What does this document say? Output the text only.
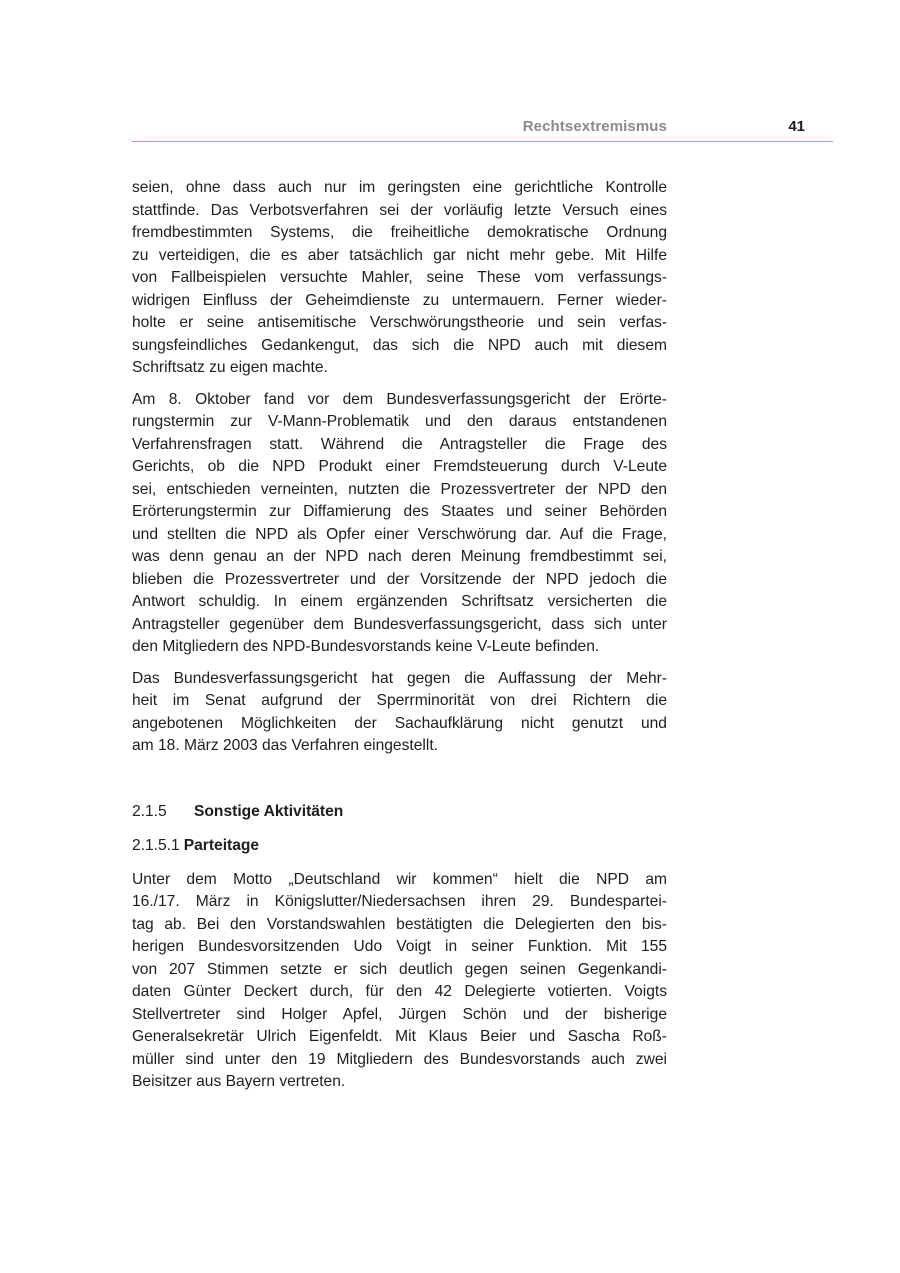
Rechtsextremismus	41

seien, ohne dass auch nur im geringsten eine gerichtliche Kontrolle
stattfinde. Das Verbotsverfahren sei der vorläufig letzte Versuch eines
fremdbestimmten Systems, die freiheitliche demokratische Ordnung
zu verteidigen, die es aber tatsächlich gar nicht mehr gebe. Mit Hilfe
von Fallbeispielen versuchte Mahler, seine These vom verfassungs-
widrigen Einfluss der Geheimdienste zu untermauern. Ferner wieder-
holte er seine antisemitische Verschwörungstheorie und sein verfas-
sungsfeindliches Gedankengut, das sich die NPD auch mit diesem
Schriftsatz zu eigen machte.

Am 8. Oktober fand vor dem Bundesverfassungsgericht der Erörte-
rungstermin zur V-Mann-Problematik und den daraus entstandenen
Verfahrensfragen statt. Während die Antragsteller die Frage des
Gerichts, ob die NPD Produkt einer Fremdsteuerung durch V-Leute
sei, entschieden verneinten, nutzten die Prozessvertreter der NPD den
Erörterungstermin zur Diffamierung des Staates und seiner Behörden
und stellten die NPD als Opfer einer Verschwörung dar. Auf die Frage,
was denn genau an der NPD nach deren Meinung fremdbestimmt sei,
blieben die Prozessvertreter und der Vorsitzende der NPD jedoch die
Antwort schuldig. In einem ergänzenden Schriftsatz versicherten die
Antragsteller gegenüber dem Bundesverfassungsgericht, dass sich unter
den Mitgliedern des NPD-Bundesvorstands keine V-Leute befinden.

Das Bundesverfassungsgericht hat gegen die Auffassung der Mehr-
heit im Senat aufgrund der Sperrminorität von drei Richtern die
angebotenen Möglichkeiten der Sachaufklärung nicht genutzt und
am 18. März 2003 das Verfahren eingestellt.

2.1.5 Sonstige Aktivitäten
2.1.5.1 Parteitage

Unter dem Motto „Deutschland wir kommen“ hielt die NPD am
16./17. März in Königslutter/Niedersachsen ihren 29. Bundespartei-
tag ab. Bei den Vorstandswahlen bestätigten die Delegierten den bis-
herigen Bundesvorsitzenden Udo Voigt in seiner Funktion. Mit 155
von 207 Stimmen setzte er sich deutlich gegen seinen Gegenkandi-
daten Günter Deckert durch, für den 42 Delegierte votierten. Voigts
Stellvertreter sind Holger Apfel, Jürgen Schön und der bisherige
Generalsekretär Ulrich Eigenfeldt. Mit Klaus Beier und Sascha Roß-
müller sind unter den 19 Mitgliedern des Bundesvorstands auch zwei
Beisitzer aus Bayern vertreten.
